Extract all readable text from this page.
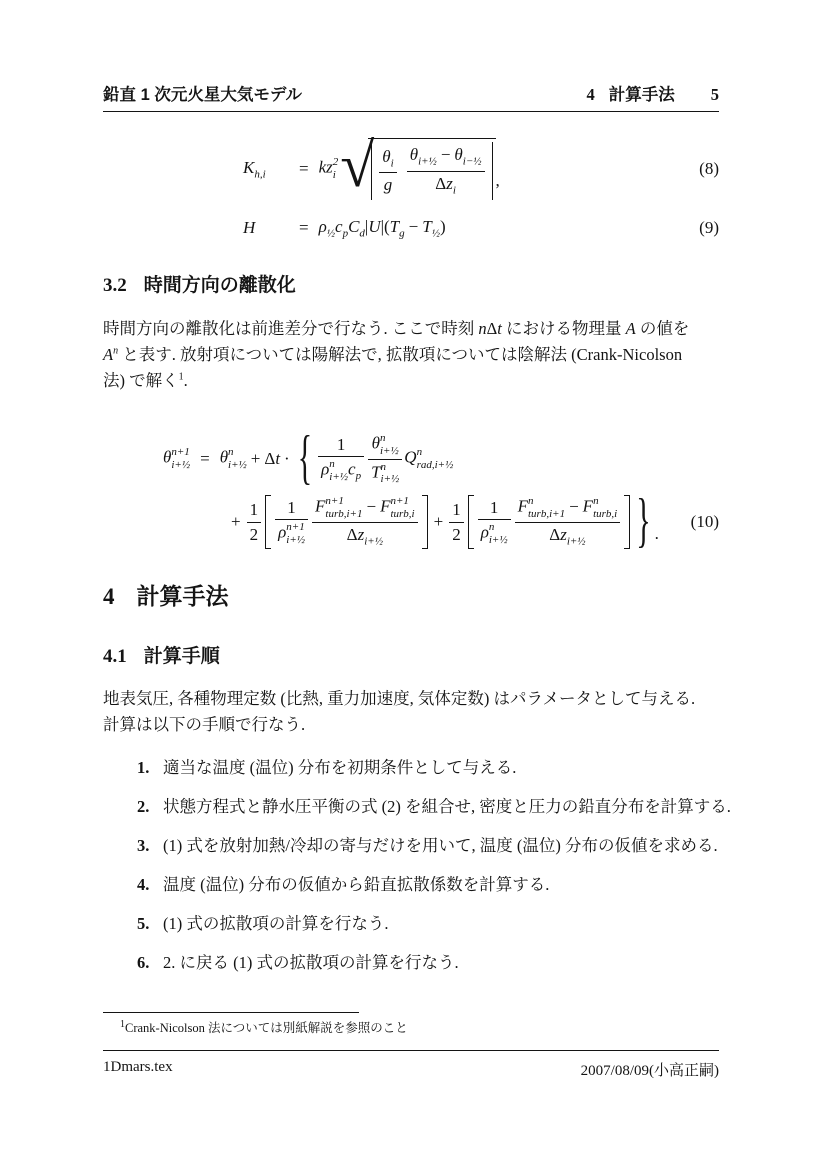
鉛直 1 次元火星大気モデル	4 計算手法 5
$K_{h,i}$	= kz 2
i √ $\frac{\theta_i}{g} \frac{\theta_{i+\frac{1}{2}} - \theta_{i-\frac{1}{2}}}{\Delta z_i}$ ,
(8)
H	= $\rho_{\frac{1}{2}}c_pC_d|U|(T_g - T_{\frac{1}{2}})$	(9)
3.2 時間方向の離散化
時間方向の離散化は前進差分で行なう. ここで時刻 nΔt における物理量 A の値を
$A^n$ と表す. 放射項については陽解法で, 拡散項については陰解法 (Crank-Nicolson
法) で解く$^1$.
θ n+1
i+½ = θ n
i+½ + Δt · { 1
ρ n
i+½ $c_p$ θ n
i+½
T n
i+½ Q n
rad,i+½
+ $\frac{1}{2} 1$
ρ n+1
i+½ F n+1
turb,i+1 − F n+1
turb,i
$\Delta z_{i+\frac{1}{2}} + \frac{1}{2} 1$
ρ n
i+½ F n
turb,i+1 − F n
turb,i
$\Delta z_{i+\frac{1}{2}}$ } .
(10)
4 計算手法
4.1 計算手順
地表気圧, 各種物理定数 (比熱, 重力加速度, 気体定数) はパラメータとして与える.
計算は以下の手順で行なう.
1. 適当な温度 (温位) 分布を初期条件として与える.
2. 状態方程式と静水圧平衡の式 (2) を組合せ, 密度と圧力の鉛直分布を計算する.
3. (1) 式を放射加熱/冷却の寄与だけを用いて, 温度 (温位) 分布の仮値を求める.
4. 温度 (温位) 分布の仮値から鉛直拡散係数を計算する.
5. (1) 式の拡散項の計算を行なう.
6. 2. に戻る (1) 式の拡散項の計算を行なう.
$^1$Crank-Nicolson 法については別紙解説を参照のこと
1Dmars.tex	2007/08/09(小高正嗣)
